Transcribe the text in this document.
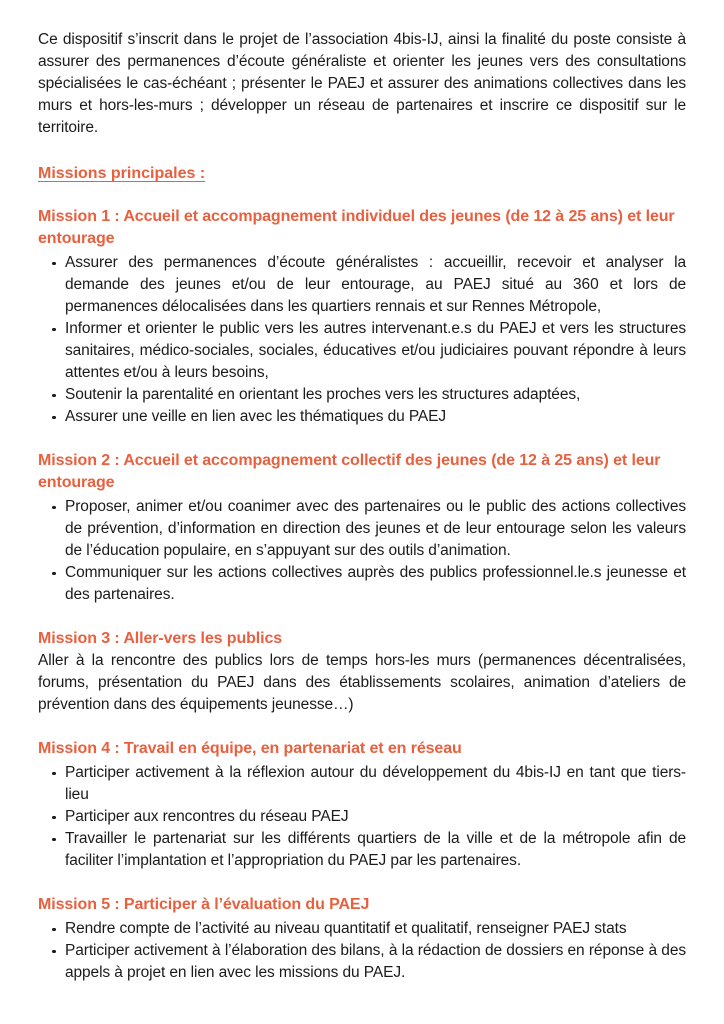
Ce dispositif s’inscrit dans le projet de l’association 4bis-IJ, ainsi la finalité du poste consiste à assurer des permanences d’écoute généraliste et orienter les jeunes vers des consultations spécialisées le cas-échéant ; présenter le PAEJ et assurer des animations collectives dans les murs et hors-les-murs ; développer un réseau de partenaires et inscrire ce dispositif sur le territoire.

Missions principales :

Mission 1 : Accueil et accompagnement individuel des jeunes (de 12 à 25 ans) et leur entourage
Assurer des permanences d’écoute généralistes : accueillir, recevoir et analyser la demande des jeunes et/ou de leur entourage, au PAEJ situé au 360 et lors de permanences délocalisées dans les quartiers rennais et sur Rennes Métropole,
Informer et orienter le public vers les autres intervenant.e.s du PAEJ et vers les structures sanitaires, médico-sociales, sociales, éducatives et/ou judiciaires pouvant répondre à leurs attentes et/ou à leurs besoins,
Soutenir la parentalité en orientant les proches vers les structures adaptées,
Assurer une veille en lien avec les thématiques du PAEJ
Mission 2 : Accueil et accompagnement collectif des jeunes (de 12 à 25 ans) et leur entourage
Proposer, animer et/ou coanimer avec des partenaires ou le public des actions collectives de prévention, d’information en direction des jeunes et de leur entourage selon les valeurs de l’éducation populaire, en s’appuyant sur des outils d’animation.
Communiquer sur les actions collectives auprès des publics professionnel.le.s jeunesse et des partenaires.
Mission 3 : Aller-vers les publics

Aller à la rencontre des publics lors de temps hors-les murs (permanences décentralisées, forums, présentation du PAEJ dans des établissements scolaires, animation d’ateliers de prévention dans des équipements jeunesse…)

Mission 4 : Travail en équipe, en partenariat et en réseau
Participer activement à la réflexion autour du développement du 4bis-IJ en tant que tiers-lieu
Participer aux rencontres du réseau PAEJ
Travailler le partenariat sur les différents quartiers de la ville et de la métropole afin de faciliter l’implantation et l’appropriation du PAEJ par les partenaires.
Mission 5 : Participer à l’évaluation du PAEJ
Rendre compte de l’activité au niveau quantitatif et qualitatif, renseigner PAEJ stats
Participer activement à l’élaboration des bilans, à la rédaction de dossiers en réponse à des appels à projet en lien avec les missions du PAEJ.
